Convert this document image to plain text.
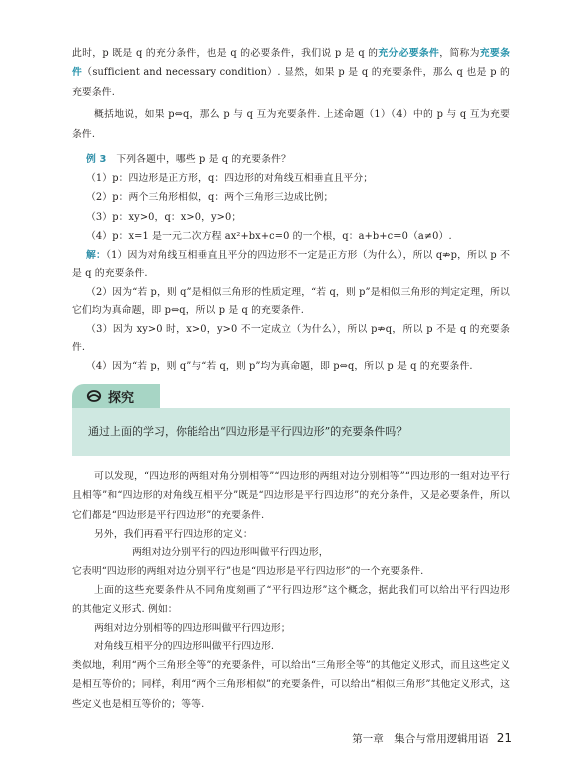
此时，p 既是 q 的充分条件，也是 q 的必要条件，我们说 p 是 q 的充分必要条件，简称为充要条件（sufficient and necessary condition）. 显然，如果 p 是 q 的充要条件，那么 q 也是 p 的充要条件.

概括地说，如果 p⇔q，那么 p 与 q 互为充要条件. 上述命题（1）（4）中的 p 与 q 互为充要条件.

例 3　 下列各题中，哪些 p 是 q 的充要条件？

（1）p：四边形是正方形，q：四边形的对角线互相垂直且平分；

（2）p：两个三角形相似，q：两个三角形三边成比例；

（3）p：xy>0，q：x>0，y>0；

（4）p：x=1 是一元二次方程 ax²+bx+c=0 的一个根，q：a+b+c=0（a≠0）.

解：（1）因为对角线互相垂直且平分的四边形不一定是正方形（为什么），所以 q⇏p，所以 p 不是 q 的充要条件.

（2）因为“若 p，则 q”是相似三角形的性质定理，“若 q，则 p”是相似三角形的判定定理，所以它们均为真命题，即 p⇔q，所以 p 是 q 的充要条件.

（3）因为 xy>0 时，x>0，y>0 不一定成立（为什么），所以 p⇏q，所以 p 不是 q 的充要条件.

（4）因为“若 p，则 q”与“若 q，则 p”均为真命题，即 p⇔q，所以 p 是 q 的充要条件.

探究

通过上面的学习，你能给出“四边形是平行四边形”的充要条件吗？

可以发现，“四边形的两组对角分别相等”“四边形的两组对边分别相等”“四边形的一组对边平行且相等”和“四边形的对角线互相平分”既是“四边形是平行四边形”的充分条件，又是必要条件，所以它们都是“四边形是平行四边形”的充要条件.

另外，我们再看平行四边形的定义：

两组对边分别平行的四边形叫做平行四边形，

它表明“四边形的两组对边分别平行”也是“四边形是平行四边形”的一个充要条件.

上面的这些充要条件从不同角度刻画了“平行四边形”这个概念，据此我们可以给出平行四边形的其他定义形式. 例如：

两组对边分别相等的四边形叫做平行四边形；

对角线互相平分的四边形叫做平行四边形.

类似地，利用“两个三角形全等”的充要条件，可以给出“三角形全等”的其他定义形式，而且这些定义是相互等价的；同样，利用“两个三角形相似”的充要条件，可以给出“相似三角形”其他定义形式，这些定义也是相互等价的；等等.

第一章　集合与常用逻辑用语 21
